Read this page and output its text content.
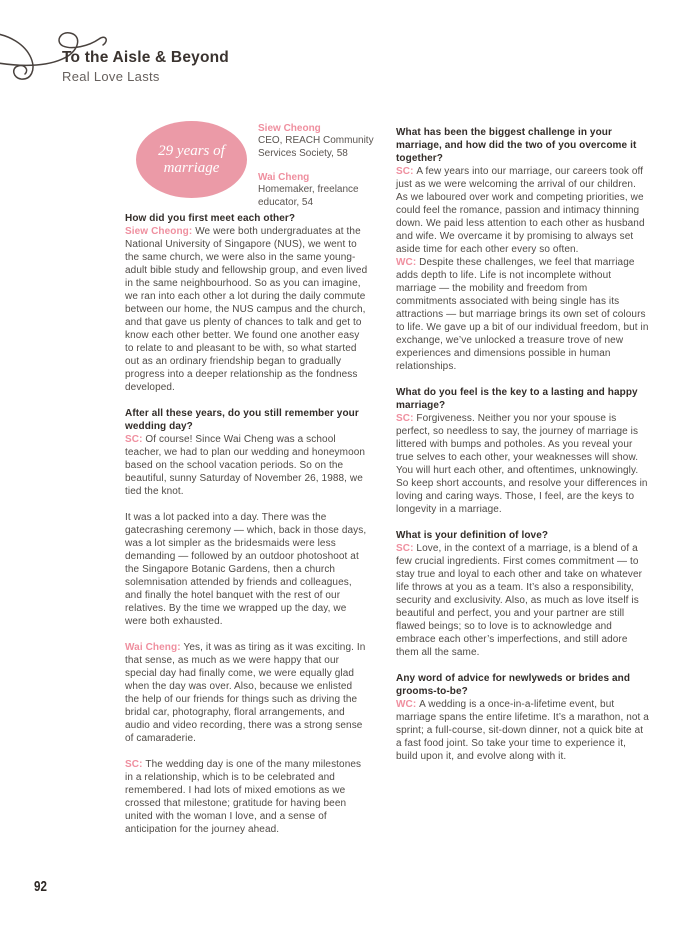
To the Aisle & Beyond
Real Love Lasts
29 years of
marriage
Siew Cheong
CEO, REACH Community Services Society, 58
Wai Cheng
Homemaker, freelance educator, 54
How did you first meet each other?

Siew Cheong: We were both undergraduates at the National University of Singapore (NUS), we went to the same church, we were also in the same young-adult bible study and fellowship group, and even lived in the same neighbourhood. So as you can imagine, we ran into each other a lot during the daily commute between our home, the NUS campus and the church, and that gave us plenty of chances to talk and get to know each other better. We found one another easy to relate to and pleasant to be with, so what started out as an ordinary friendship began to gradually progress into a deeper relationship as the fondness developed.

After all these years, do you still remember your wedding day?

SC: Of course! Since Wai Cheng was a school teacher, we had to plan our wedding and honeymoon based on the school vacation periods. So on the beautiful, sunny Saturday of November 26, 1988, we tied the knot.

It was a lot packed into a day. There was the gatecrashing ceremony — which, back in those days, was a lot simpler as the bridesmaids were less demanding — followed by an outdoor photoshoot at the Singapore Botanic Gardens, then a church solemnisation attended by friends and colleagues, and finally the hotel banquet with the rest of our relatives. By the time we wrapped up the day, we were both exhausted.

Wai Cheng: Yes, it was as tiring as it was exciting. In that sense, as much as we were happy that our special day had finally come, we were equally glad when the day was over. Also, because we enlisted the help of our friends for things such as driving the bridal car, photography, floral arrangements, and audio and video recording, there was a strong sense of camaraderie.

SC: The wedding day is one of the many milestones in a relationship, which is to be celebrated and remembered. I had lots of mixed emotions as we crossed that milestone; gratitude for having been united with the woman I love, and a sense of anticipation for the journey ahead.

What has been the biggest challenge in your marriage, and how did the two of you overcome it together?

SC: A few years into our marriage, our careers took off just as we were welcoming the arrival of our children. As we laboured over work and competing priorities, we could feel the romance, passion and intimacy thinning down. We paid less attention to each other as husband and wife. We overcame it by promising to always set aside time for each other every so often.

WC: Despite these challenges, we feel that marriage adds depth to life. Life is not incomplete without marriage — the mobility and freedom from commitments associated with being single has its attractions — but marriage brings its own set of colours to life. We gave up a bit of our individual freedom, but in exchange, we’ve unlocked a treasure trove of new experiences and dimensions possible in human relationships.

What do you feel is the key to a lasting and happy marriage?

SC: Forgiveness. Neither you nor your spouse is perfect, so needless to say, the journey of marriage is littered with bumps and potholes. As you reveal your true selves to each other, your weaknesses will show. You will hurt each other, and oftentimes, unknowingly. So keep short accounts, and resolve your differences in loving and caring ways. Those, I feel, are the keys to longevity in a marriage.

What is your definition of love?

SC: Love, in the context of a marriage, is a blend of a few crucial ingredients. First comes commitment — to stay true and loyal to each other and take on whatever life throws at you as a team. It’s also a responsibility, security and exclusivity. Also, as much as love itself is beautiful and perfect, you and your partner are still flawed beings; so to love is to acknowledge and embrace each other’s imperfections, and still adore them all the same.

Any word of advice for newlyweds or brides and grooms-to-be?

WC: A wedding is a once-in-a-lifetime event, but marriage spans the entire lifetime. It’s a marathon, not a sprint; a full-course, sit-down dinner, not a quick bite at a fast food joint. So take your time to experience it, build upon it, and evolve along with it.

92
